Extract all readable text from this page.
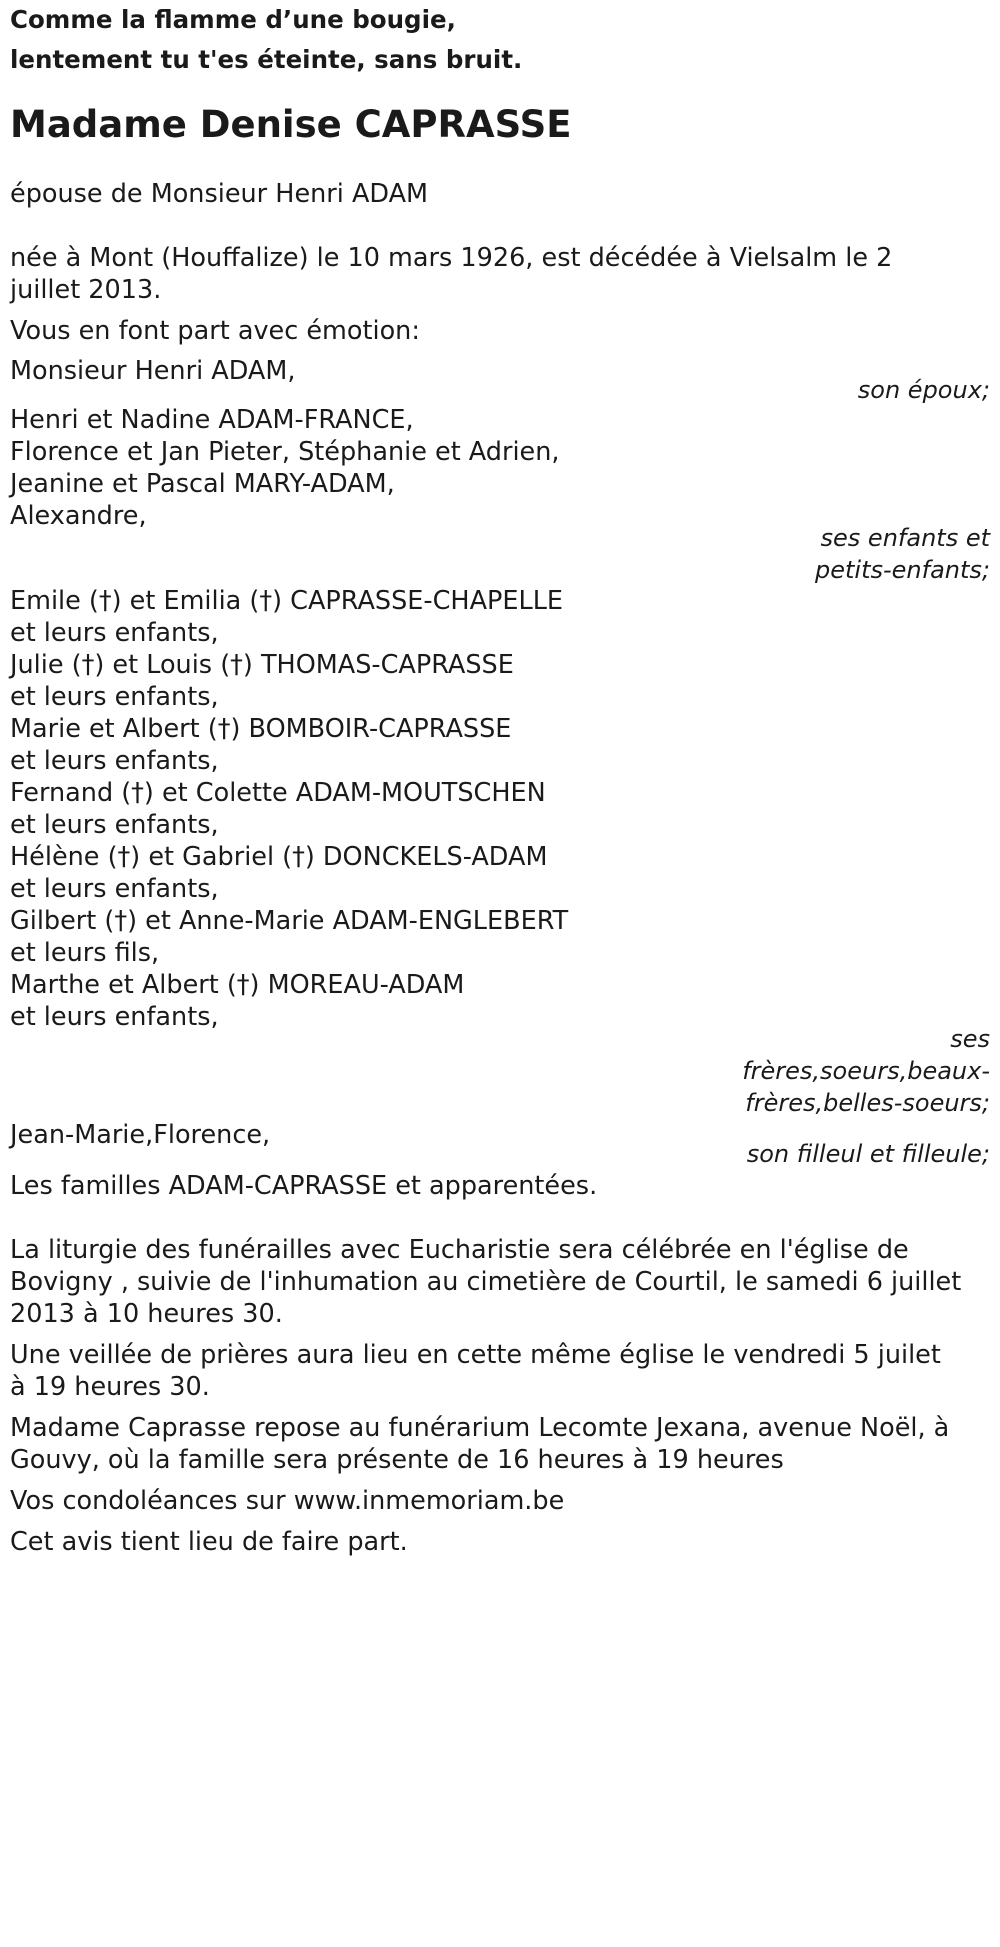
Comme la flamme d’une bougie,

lentement tu t'es éteinte, sans bruit.

Madame Denise CAPRASSE

épouse de Monsieur Henri ADAM

née à Mont (Houffalize) le 10 mars 1926, est décédée à Vielsalm le 2

juillet 2013.

Vous en font part avec émotion:

Monsieur Henri ADAM,

son époux;

Henri et Nadine ADAM-FRANCE,

Florence et Jan Pieter, Stéphanie et Adrien,

Jeanine et Pascal MARY-ADAM,

Alexandre,

ses enfants et

petits-enfants;

Emile (†) et Emilia (†) CAPRASSE-CHAPELLE

et leurs enfants,

Julie (†) et Louis (†) THOMAS-CAPRASSE

et leurs enfants,

Marie et Albert (†) BOMBOIR-CAPRASSE

et leurs enfants,

Fernand (†) et Colette ADAM-MOUTSCHEN

et leurs enfants,

Hélène (†) et Gabriel (†) DONCKELS-ADAM

et leurs enfants,

Gilbert (†) et Anne-Marie ADAM-ENGLEBERT

et leurs fils,

Marthe et Albert (†) MOREAU-ADAM

et leurs enfants,

ses

frères,soeurs,beaux-

frères,belles-soeurs;

Jean-Marie,Florence,

son filleul et filleule;

Les familles ADAM-CAPRASSE et apparentées.

La liturgie des funérailles avec Eucharistie sera célébrée en l'église de

Bovigny , suivie de l'inhumation au cimetière de Courtil, le samedi 6 juillet

2013 à 10 heures 30.

Une veillée de prières aura lieu en cette même église le vendredi 5 juilet

à 19 heures 30.

Madame Caprasse repose au funérarium Lecomte Jexana, avenue Noël, à

Gouvy, où la famille sera présente de 16 heures à 19 heures

Vos condoléances sur www.inmemoriam.be

Cet avis tient lieu de faire part.
